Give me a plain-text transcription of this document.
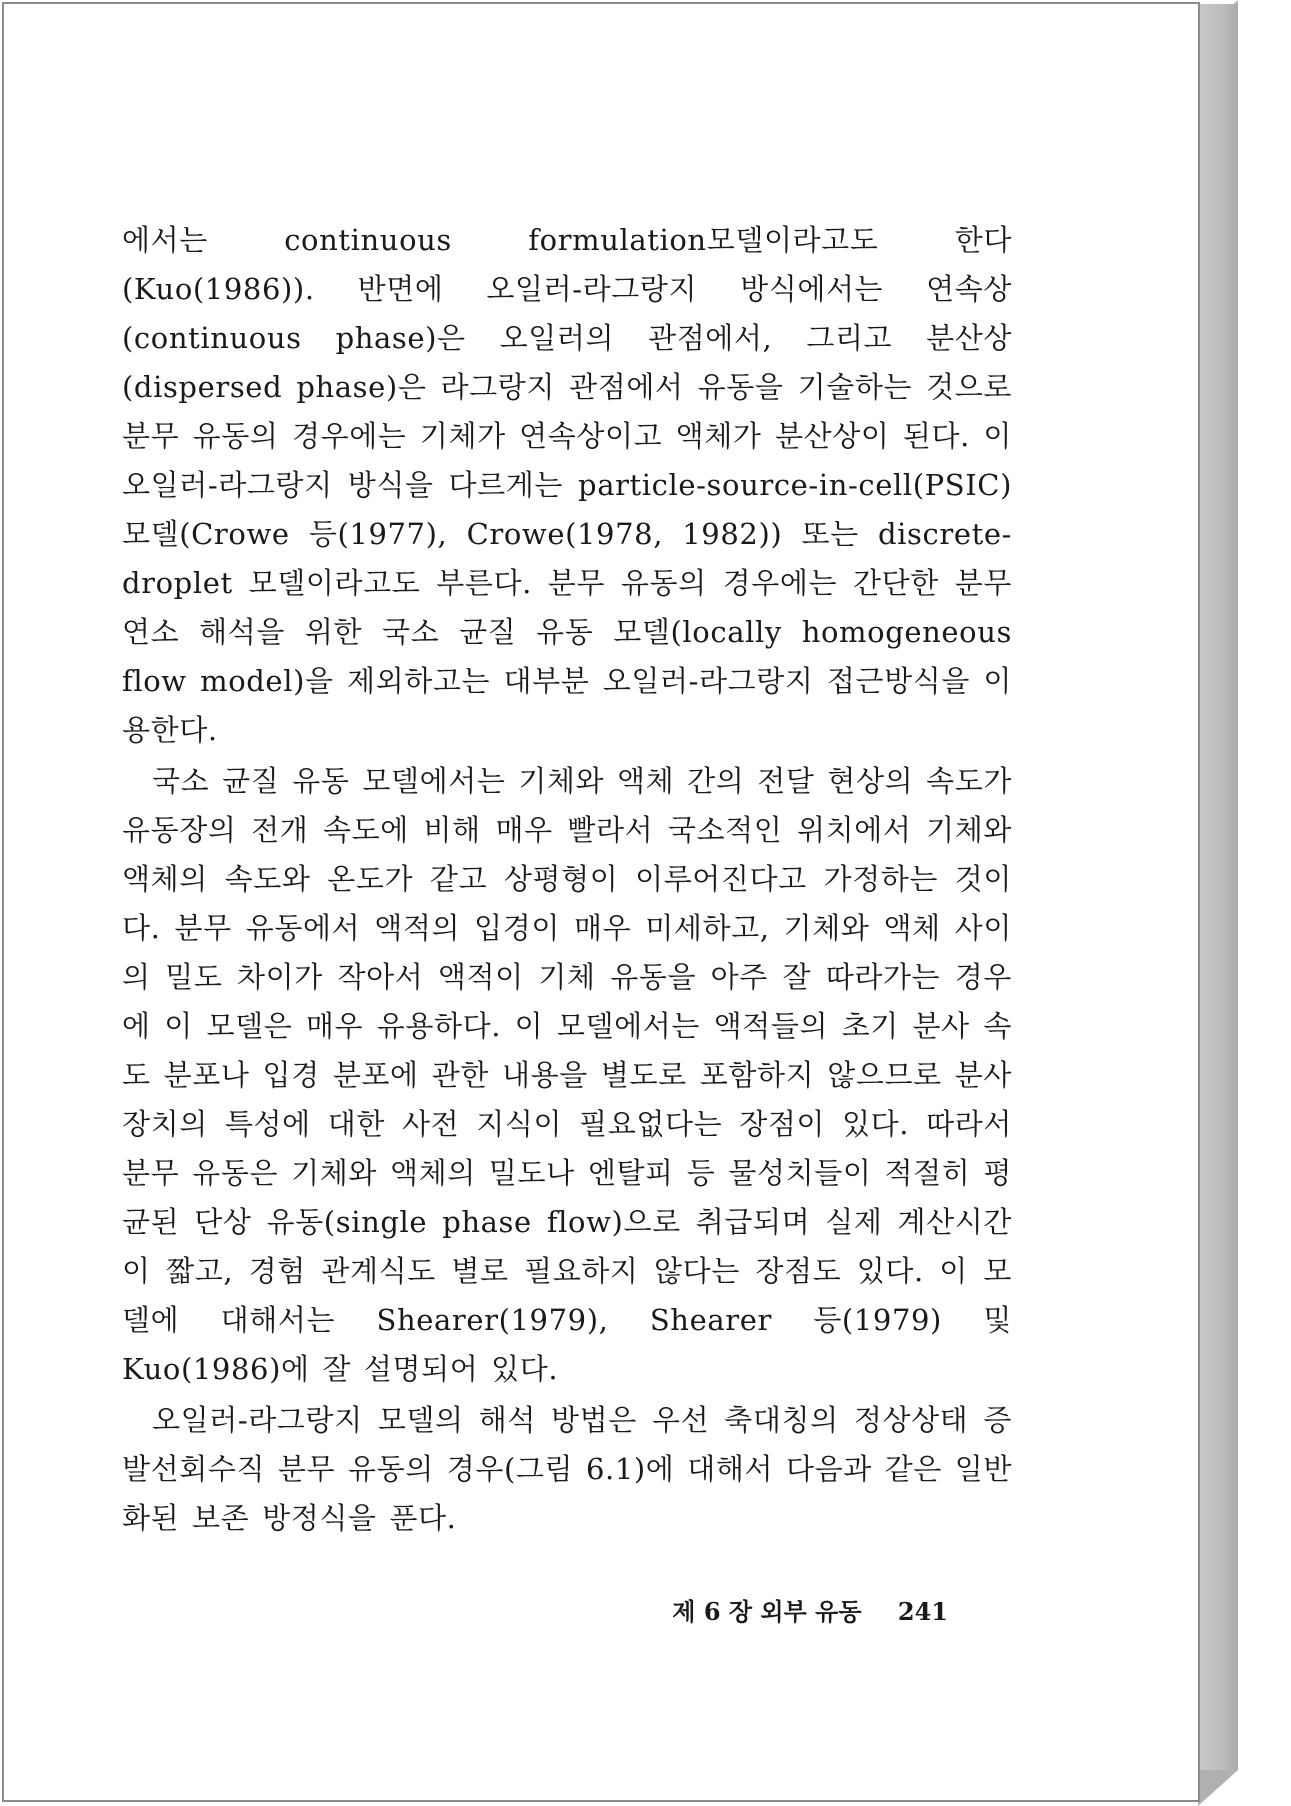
에서는 continuous formulation모델이라고도 한다(Kuo(1986)). 반면에 오일러-라그랑지 방식에서는 연속상(continuous phase)은 오일러의 관점에서, 그리고 분산상(dispersed phase)은 라그랑지 관점에서 유동을 기술하는 것으로 분무 유동의 경우에는 기체가 연속상이고 액체가 분산상이 된다. 이 오일러-라그랑지 방식을 다르게는 particle-source-in-cell(PSIC) 모델(Crowe 등(1977), Crowe(1978, 1982)) 또는 discrete-droplet 모델이라고도 부른다. 분무 유동의 경우에는 간단한 분무연소 해석을 위한 국소 균질 유동 모델(locally homogeneous flow model)을 제외하고는 대부분 오일러-라그랑지 접근방식을 이용한다.

국소 균질 유동 모델에서는 기체와 액체 간의 전달 현상의 속도가 유동장의 전개 속도에 비해 매우 빨라서 국소적인 위치에서 기체와 액체의 속도와 온도가 같고 상평형이 이루어진다고 가정하는 것이다. 분무 유동에서 액적의 입경이 매우 미세하고, 기체와 액체 사이의 밀도 차이가 작아서 액적이 기체 유동을 아주 잘 따라가는 경우에 이 모델은 매우 유용하다. 이 모델에서는 액적들의 초기 분사 속도 분포나 입경 분포에 관한 내용을 별도로 포함하지 않으므로 분사장치의 특성에 대한 사전 지식이 필요없다는 장점이 있다. 따라서 분무 유동은 기체와 액체의 밀도나 엔탈피 등 물성치들이 적절히 평균된 단상 유동(single phase flow)으로 취급되며 실제 계산시간이 짧고, 경험 관계식도 별로 필요하지 않다는 장점도 있다. 이 모델에 대해서는 Shearer(1979), Shearer 등(1979) 및 Kuo(1986)에 잘 설명되어 있다.

오일러-라그랑지 모델의 해석 방법은 우선 축대칭의 정상상태 증발선회수직 분무 유동의 경우(그림 6.1)에 대해서 다음과 같은 일반화된 보존 방정식을 푼다.

제 6 장 외부 유동 241
